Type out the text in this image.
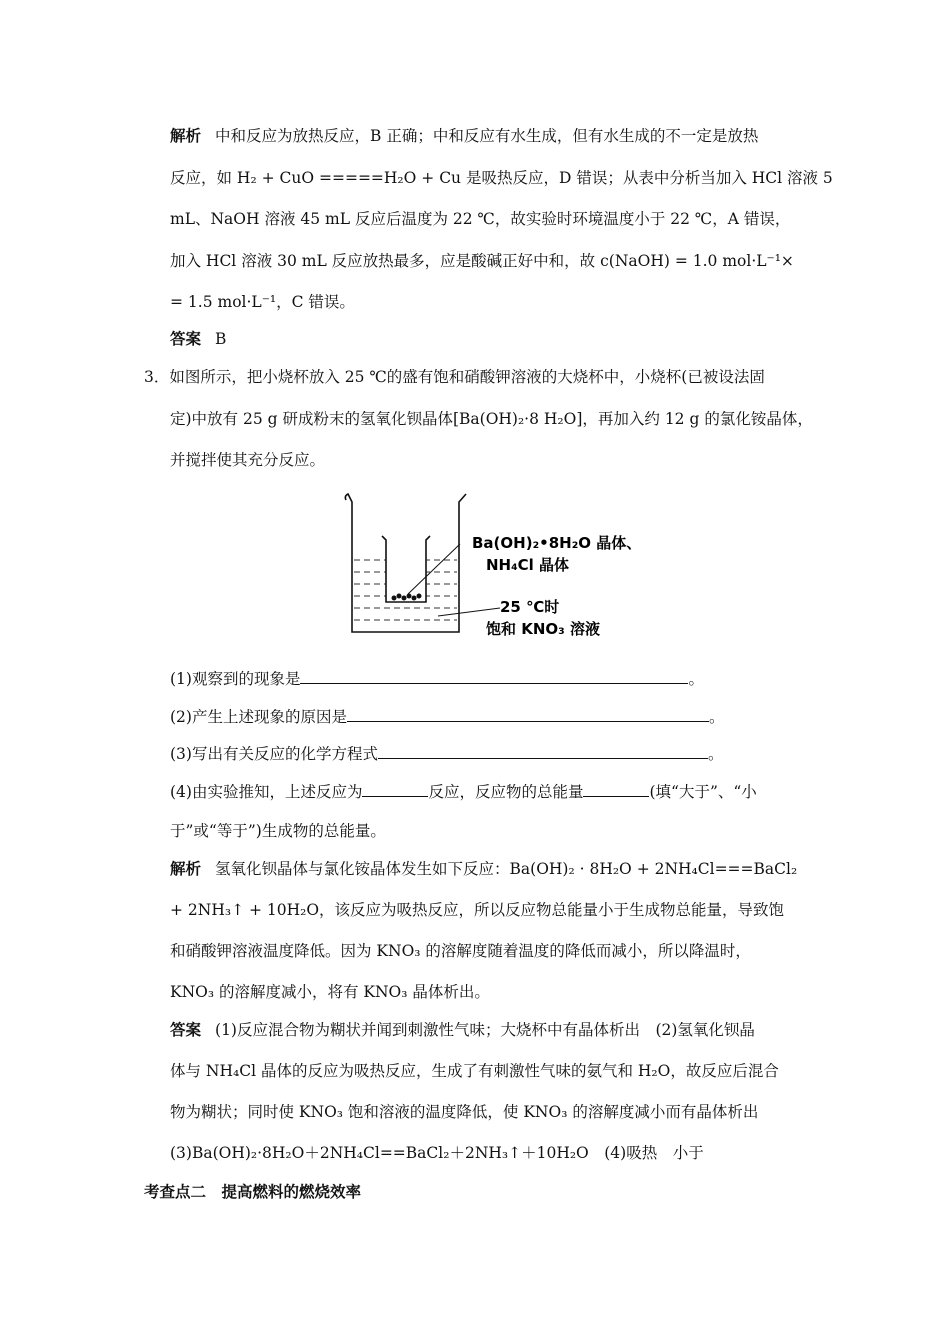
解析 中和反应为放热反应，B 正确；中和反应有水生成，但有水生成的不一定是放热
反应，如 H₂ + CuO =====H₂O + Cu 是吸热反应，D 错误；从表中分析当加入 HCl 溶液 5
mL、NaOH 溶液 45 mL 反应后温度为 22 ℃，故实验时环境温度小于 22 ℃，A 错误，
加入 HCl 溶液 30 mL 反应放热最多，应是酸碱正好中和，故 c(NaOH) = 1.0 mol·L⁻¹×
= 1.5 mol·L⁻¹，C 错误。
答案 B
3．如图所示，把小烧杯放入 25 ℃的盛有饱和硝酸钾溶液的大烧杯中，小烧杯(已被设法固
定)中放有 25 g 研成粉末的氢氧化钡晶体[Ba(OH)₂·8 H₂O]，再加入约 12 g 的氯化铵晶体，
并搅拌使其充分反应。
Ba(OH)₂•8H₂O 晶体、
NH₄Cl 晶体
25 ℃时
饱和 KNO₃ 溶液
(1)观察到的现象是	。
(2)产生上述现象的原因是	。
(3)写出有关反应的化学方程式	。
(4)由实验推知，上述反应为	反应，反应物的总能量	(填“大于”、“小
于”或“等于”)生成物的总能量。
解析 氢氧化钡晶体与氯化铵晶体发生如下反应：Ba(OH)₂ · 8H₂O + 2NH₄Cl===BaCl₂
+ 2NH₃↑ + 10H₂O，该反应为吸热反应，所以反应物总能量小于生成物总能量，导致饱
和硝酸钾溶液温度降低。因为 KNO₃ 的溶解度随着温度的降低而减小，所以降温时，
KNO₃ 的溶解度减小，将有 KNO₃ 晶体析出。
答案 (1)反应混合物为糊状并闻到刺激性气味；大烧杯中有晶体析出　(2)氢氧化钡晶
体与 NH₄Cl 晶体的反应为吸热反应，生成了有刺激性气味的氨气和 H₂O，故反应后混合
物为糊状；同时使 KNO₃ 饱和溶液的温度降低，使 KNO₃ 的溶解度减小而有晶体析出
(3)Ba(OH)₂·8H₂O＋2NH₄Cl==BaCl₂＋2NH₃↑＋10H₂O　(4)吸热　小于
考查点二　提高燃料的燃烧效率
